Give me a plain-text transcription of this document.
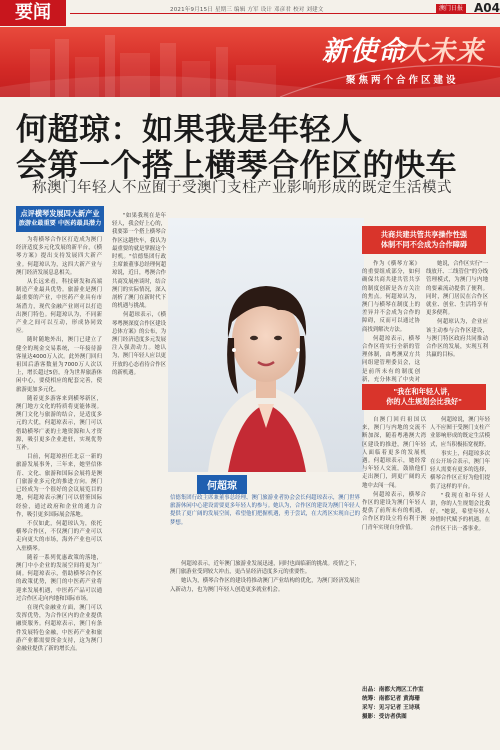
要闻	2021年9月15日 星期三 编辑 方军 设计 邓彦君 校对 刘建文	澳门日报 A04
新使命
大未来
聚焦两个合作区建设
何超琼：如果我是年轻人
会第一个搭上横琴合作区的快车
称澳门年轻人不应囿于受澳门支柱产业影响形成的既定生活模式
点评横琴发展四大新产业
旅游业最重要 中医药最具潜力

为将横琴合作区打造成为澳门经济适度多元化发展的新平台，《横琴方案》提出支持发展四大新产业。何超琼认为，这四大新产业与澳门经济发展息息相关。

从长远来看，科技研发和高端制造产业最具优势。旅游业是澳门最重要的产业，中医药产业具有市场潜力，现代金融产业则可以打造出澳门特色。何超琼认为，不同新产业之间可以互动，形成协同效应。

随时随地外出，澳门已建立了健全的现金交易系统，一年接待游客量达4000万人次。此外澳门回归祖国后游客数量为7000万人次以上，增长超过5倍，身为世界旅游休闲中心，要使相应的配套完善，使旅游更加多元化。

随着更多游客来到横琴新区，澳门地方文化的特质将更能体现。澳门文化与旅游的结合，是适度多元的大优，何超琼表示，澳门可以借助横琴广袤的土地资源和人才资源，吸引更多企业进驻，实现优势互补。

目前，何超琼担任北京一新的旅游发展事务，三年来，她坚信体育、文化、旅游和国际会展将是澳门旅游业多元化的推进方向。澳门已经成为一个很好的会议展览目的地，何超琼表示澳门可以借鉴国际经验，通过政府和企业的通力合作，吸引更多国际展会落地。

不仅如此，何超琼认为，依托横琴合作区，不仅澳门的产业可以走向更大的市场，海外产业也可以入驻横琴。

随着一系列优惠政策的落地，澳门中小企业的发展空间将更为广阔。何超琼表示，借助横琴合作区的政策优势，澳门的中医药产业将迎来发展机遇，中医药产品可以通过合作区走向内地和国际市场。

在现代金融业方面，澳门可以发挥优势，为合作区内的企业提供融资服务。何超琼表示，澳门有条件发展特色金融，中医药产业和旅游产业都需要资金支持，这为澳门金融业提供了新的增长点。

"如果我现在是年轻人，我会好上心的，我要第一个搭上横琴合作区这趟快车，我认为最重要的就是掌握这个时机。"信德集团行政主席兼董事总经理何超琼说，近日，粤澳合作共商发展座谈时，结合澳门的实际情况，深入剖析了澳门在新时代下的机遇与挑战。

何超琼表示，《横琴粤澳深度合作区建设总体方案》的公布，为澳门经济适度多元发展注入强劲动力。她认为，澳门年轻人应以更开放的心态看待合作区的新机遇。

何超琼
信德集团行政主席兼董事总经理、澳门旅游业者协会会长何超琼表示，澳门世界旅游休闲中心建设需要更多年轻人的参与。她认为，合作区的建设为澳门年轻人提供了更广阔的发展空间，希望他们把握机遇，勇于尝试，在大湾区实现自己的梦想。

何超琼表示，近年澳门旅游业发展迅速，同时也面临新的挑战。疫情之下，澳门旅游业受到较大冲击，更凸显经济适度多元的重要性。

她认为，横琴合作区的建设将推动澳门产业结构的优化，为澳门经济发展注入新动力，也为澳门年轻人创造更多就业机会。

共商共建共管共享操作性强
体制不同不会成为合作障碍

作为《横琴方案》的重要组成部分，如何确保共商共建共管共享的制度创新是各方关注的焦点。何超琼认为，澳门与横琴在制度上的差异并不会成为合作的障碍，反而可以通过协商找到解决方法。

何超琼表示，横琴合作区将实行全新的管理体制，由粤澳双方共同组建管理委员会，这是前所未有的制度创新，充分体现了中央对

她说，合作区实行"一线放开、二线管住"的分线管理模式，为澳门与内地的要素流动提供了便利。同时，澳门居民在合作区就业、创业、生活将享有更多便利。

何超琼认为，企业应该主动参与合作区建设，与澳门特区政府共同推动合作区的发展，实现互利共赢的目标。

"我在和年轻人讲，
你的人生规划会比我好"

自澳门回归祖国以来，澳门与内地的交流不断加深，随着粤港澳大湾区建设的推进，澳门年轻人面临着更多的发展机遇。何超琼表示，她经常与年轻人交流，鼓励他们走出澳门，到更广阔的天地中去闯一闯。

何超琼表示，横琴合作区的建设为澳门年轻人提供了前所未有的机遇，合作区的设立将有利于澳门青年实现自身价值。

何超琼说，澳门年轻人不应囿于受澳门支柱产业影响形成的既定生活模式，应当积极拓宽视野。

事实上，何超琼多次在公开场合表示，澳门年轻人需要有更多的选择，横琴合作区正好为他们提供了这样的平台。

"我现在和年轻人讲，你的人生规划会比我好。"她说，希望年轻人珍惜时代赋予的机遇，在合作区干出一番事业。

出品：南都大湾区工作室
统筹：南都记者 黄海珊
采写：见习记者 王诗琪
摄影：受访者供图
